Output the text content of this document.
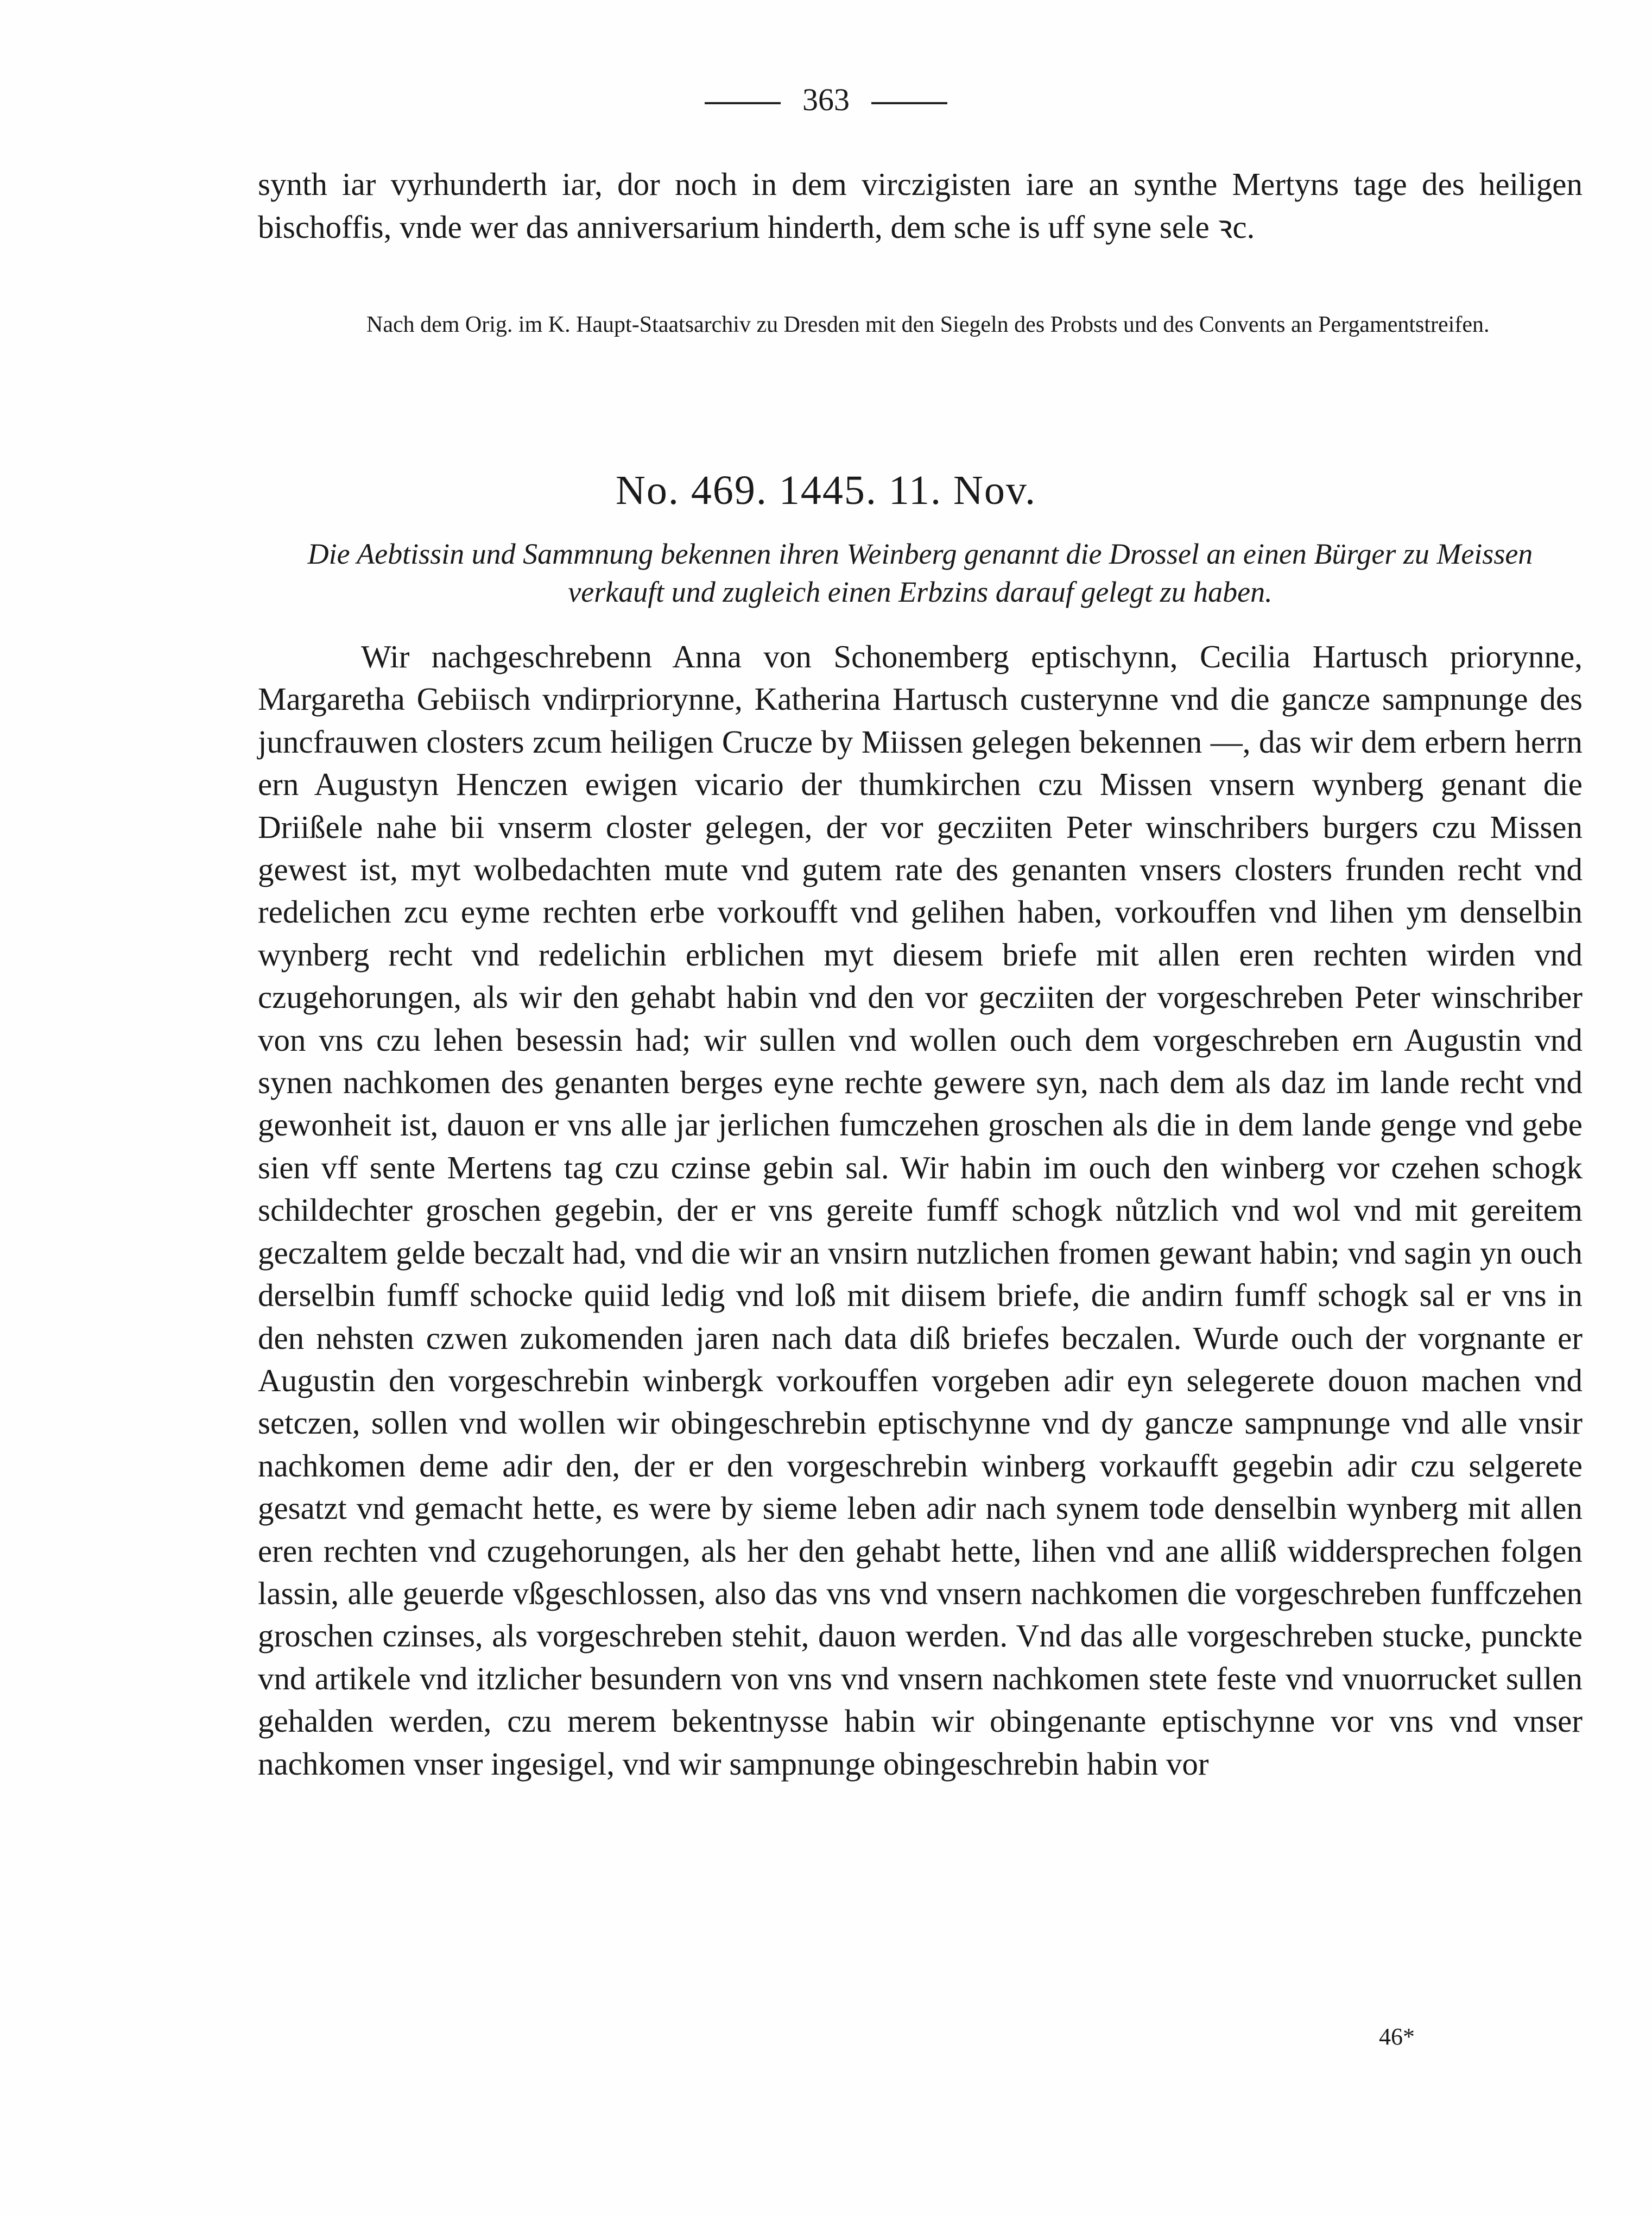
363
synth iar vyrhunderth iar, dor noch in dem virczigisten iare an synthe Mertyns tage des heiligen bischoffis, vnde wer das anniversarium hinderth, dem sche is uff syne sele ꝛc.
Nach dem Orig. im K. Haupt-Staatsarchiv zu Dresden mit den Siegeln des Probsts und des Convents an Pergamentstreifen.
No. 469. 1445. 11. Nov.
Die Aebtissin und Sammnung bekennen ihren Weinberg genannt die Drossel an einen Bürger zu Meissen verkauft und zugleich einen Erbzins darauf gelegt zu haben.
Wir nachgeschrebenn Anna von Schonemberg eptischynn, Cecilia Hartusch priorynne, Margaretha Gebiisch vndirpriorynne, Katherina Hartusch custerynne vnd die gancze sampnunge des juncfrauwen closters zcum heiligen Crucze by Miissen gelegen bekennen —, das wir dem erbern herrn ern Augustyn Henczen ewigen vicario der thumkirchen czu Missen vnsern wynberg genant die Driißele nahe bii vnserm closter gelegen, der vor gecziiten Peter winschribers burgers czu Missen gewest ist, myt wolbedachten mute vnd gutem rate des genanten vnsers closters frunden recht vnd redelichen zcu eyme rechten erbe vorkoufft vnd gelihen haben, vorkouffen vnd lihen ym denselbin wynberg recht vnd redelichin erblichen myt diesem briefe mit allen eren rechten wirden vnd czugehorungen, als wir den gehabt habin vnd den vor gecziiten der vorgeschreben Peter winschriber von vns czu lehen besessin had; wir sullen vnd wollen ouch dem vorgeschreben ern Augustin vnd synen nachkomen des genanten berges eyne rechte gewere syn, nach dem als daz im lande recht vnd gewonheit ist, dauon er vns alle jar jerlichen fumczehen groschen als die in dem lande genge vnd gebe sien vff sente Mertens tag czu czinse gebin sal. Wir habin im ouch den winberg vor czehen schogk schildechter groschen gegebin, der er vns gereite fumff schogk nůtzlich vnd wol vnd mit gereitem geczaltem gelde beczalt had, vnd die wir an vnsirn nutzlichen fromen gewant habin; vnd sagin yn ouch derselbin fumff schocke quiid ledig vnd loß mit diisem briefe, die andirn fumff schogk sal er vns in den nehsten czwen zukomenden jaren nach data diß briefes beczalen. Wurde ouch der vorgnante er Augustin den vorgeschrebin winbergk vorkouffen vorgeben adir eyn selegerete douon machen vnd setczen, sollen vnd wollen wir obingeschrebin eptischynne vnd dy gancze sampnunge vnd alle vnsir nachkomen deme adir den, der er den vorgeschrebin winberg vorkaufft gegebin adir czu selgerete gesatzt vnd gemacht hette, es were by sieme leben adir nach synem tode denselbin wynberg mit allen eren rechten vnd czugehorungen, als her den gehabt hette, lihen vnd ane alliß widdersprechen folgen lassin, alle geuerde vßgeschlossen, also das vns vnd vnsern nachkomen die vorgeschreben funffczehen groschen czinses, als vorgeschreben stehit, dauon werden. Vnd das alle vorgeschreben stucke, punckte vnd artikele vnd itzlicher besundern von vns vnd vnsern nachkomen stete feste vnd vnuorrucket sullen gehalden werden, czu merem bekentnysse habin wir obingenante eptischynne vor vns vnd vnser nachkomen vnser ingesigel, vnd wir sampnunge obingeschrebin habin vor
46*
